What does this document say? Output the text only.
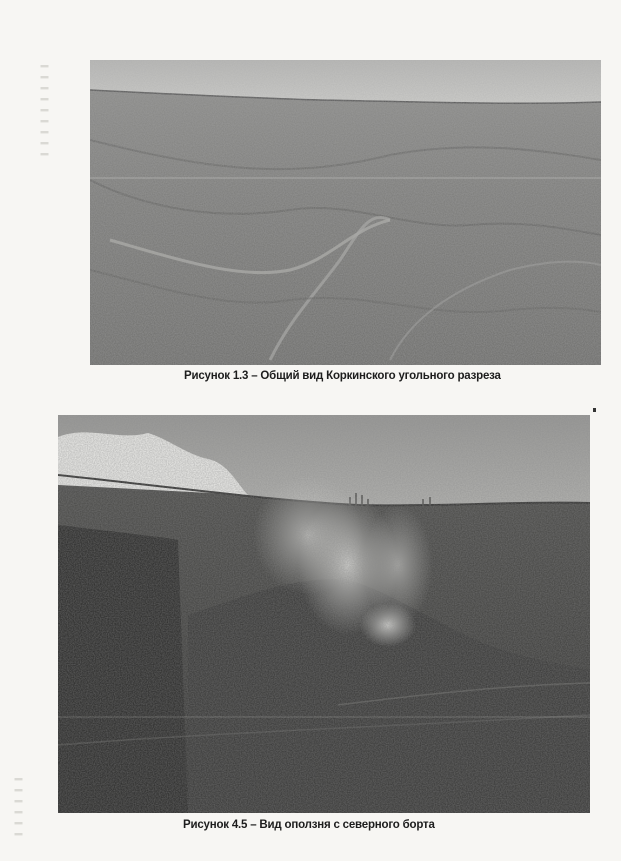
▬ ▬ ▬ ▬ ▬ ▬ ▬ ▬ ▬
▬ ▬ ▬ ▬ ▬ ▬
Рисунок 1.3 – Общий вид Коркинского угольного разреза
Рисунок 4.5 – Вид оползня с северного борта
